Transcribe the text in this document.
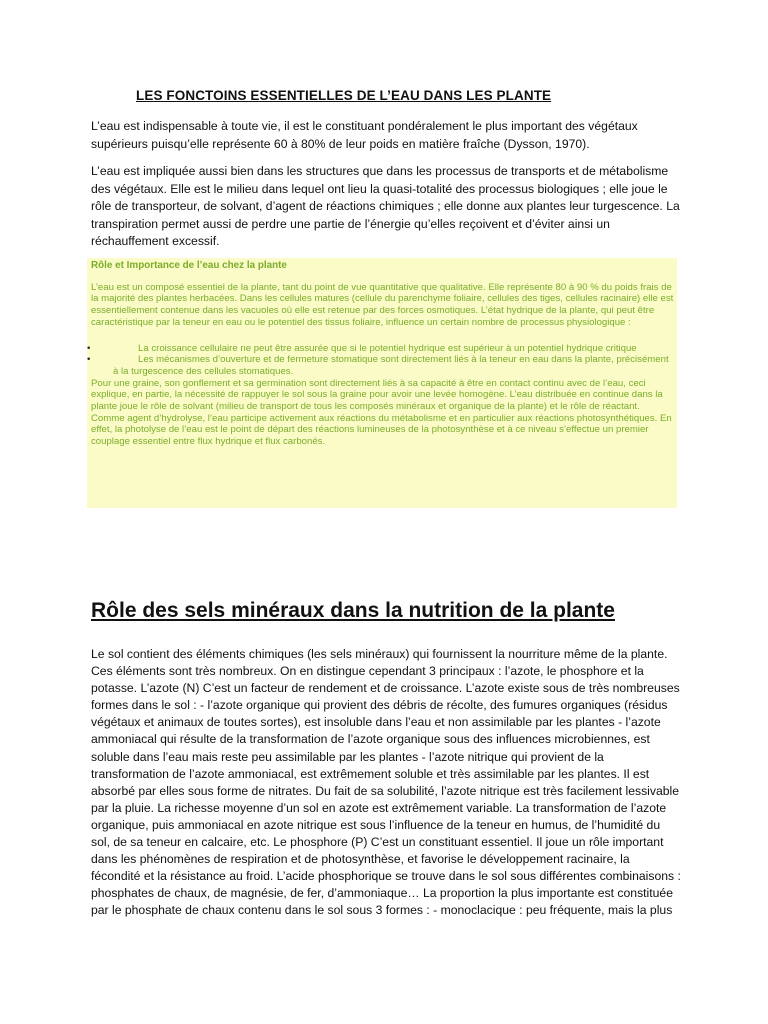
LES FONCTOINS ESSENTIELLES DE L’EAU DANS LES PLANTE

L’eau est indispensable à toute vie, il est le constituant pondéralement le plus important des végétaux supérieurs puisqu’elle représente 60 à 80% de leur poids en matière fraîche (Dysson, 1970).

L’eau est impliquée aussi bien dans les structures que dans les processus de transports et de métabolisme des végétaux. Elle est le milieu dans lequel ont lieu la quasi-totalité des processus biologiques ; elle joue le rôle de transporteur, de solvant, d’agent de réactions chimiques ; elle donne aux plantes leur turgescence. La transpiration permet aussi de perdre une partie de l’énergie qu’elles reçoivent et d’éviter ainsi un réchauffement excessif.

Rôle et Importance de l’eau chez la plante

L’eau est un composé essentiel de la plante, tant du point de vue quantitative que qualitative. Elle représente 80 à 90 % du poids frais de la majorité des plantes herbacées. Dans les cellules matures (cellule du parenchyme foliaire, cellules des tiges, cellules racinaire) elle est essentiellement contenue dans les vacuoles où elle est retenue par des forces osmotiques. L’état hydrique de la plante, qui peut être caractéristique par la teneur en eau ou le potentiel des tissus foliaire, influence un certain nombre de processus physiologique :

•	La croissance cellulaire ne peut être assurée que si le potentiel hydrique est supérieur à un potentiel hydrique critique
•	Les mécanismes d’ouverture et de fermeture stomatique sont directement liés à la teneur en eau dans la plante, précisément à la turgescence des cellules stomatiques.

Pour une graine, son gonflement et sa germination sont directement liés à sa capacité à être en contact continu avec de l’eau, ceci explique, en partie, la nécessité de rappuyer le sol sous la graine pour avoir une levée homogène. L’eau distribuée en continue dans la plante joue le rôle de solvant (milieu de transport de tous les composés minéraux et organique de la plante) et le rôle de réactant. Comme agent d’hydrolyse, l’eau participe activement aux réactions du métabolisme et en particulier aux réactions photosynthétiques. En effet, la photolyse de l’eau est le point de départ des réactions lumineuses de la photosynthèse et à ce niveau s’effectue un premier couplage essentiel entre flux hydrique et flux carbonés.

Rôle des sels minéraux dans la nutrition de la plante

Le sol contient des éléments chimiques (les sels minéraux) qui fournissent la nourriture même de la plante. Ces éléments sont très nombreux. On en distingue cependant 3 principaux : l’azote, le phosphore et la potasse. L’azote (N) C’est un facteur de rendement et de croissance. L’azote existe sous de très nombreuses formes dans le sol : - l’azote organique qui provient des débris de récolte, des fumures organiques (résidus végétaux et animaux de toutes sortes), est insoluble dans l’eau et non assimilable par les plantes - l’azote ammoniacal qui résulte de la transformation de l’azote organique sous des influences microbiennes, est soluble dans l’eau mais reste peu assimilable par les plantes - l’azote nitrique qui provient de la transformation de l’azote ammoniacal, est extrêmement soluble et très assimilable par les plantes. Il est absorbé par elles sous forme de nitrates. Du fait de sa solubilité, l’azote nitrique est très facilement lessivable par la pluie. La richesse moyenne d’un sol en azote est extrêmement variable. La transformation de l’azote organique, puis ammoniacal en azote nitrique est sous l’influence de la teneur en humus, de l’humidité du sol, de sa teneur en calcaire, etc. Le phosphore (P) C’est un constituant essentiel. Il joue un rôle important dans les phénomènes de respiration et de photosynthèse, et favorise le développement racinaire, la fécondité et la résistance au froid. L’acide phosphorique se trouve dans le sol sous différentes combinaisons : phosphates de chaux, de magnésie, de fer, d’ammoniaque… La proportion la plus importante est constituée par le phosphate de chaux contenu dans le sol sous 3 formes : - monoclacique : peu fréquente, mais la plus
